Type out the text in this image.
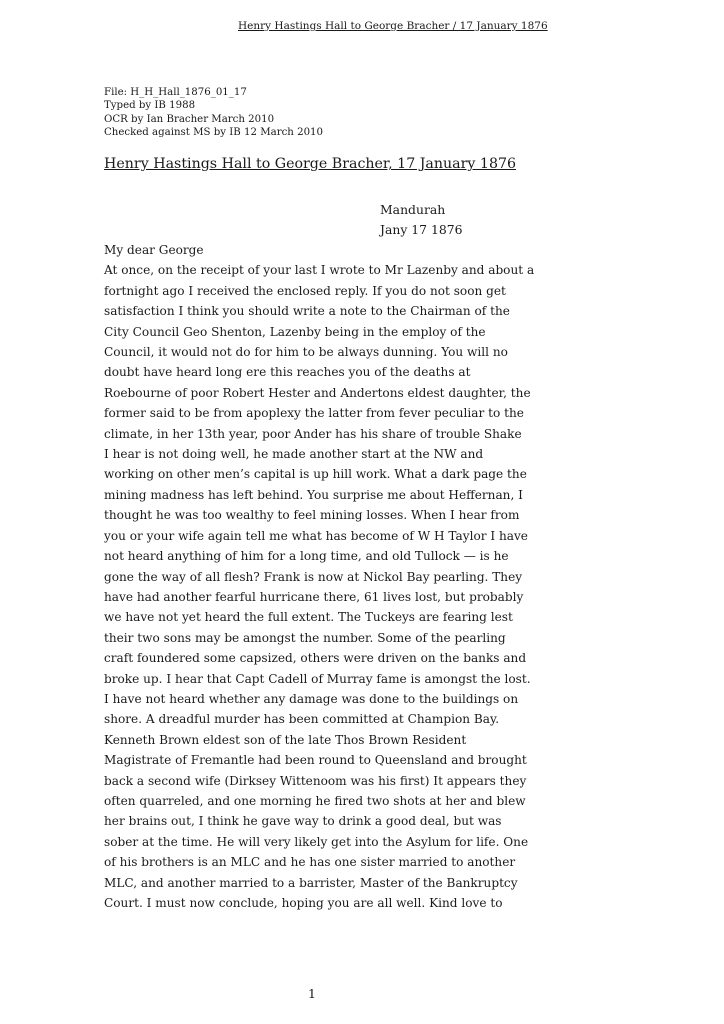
Henry Hastings Hall to George Bracher / 17 January 1876
File: H_H_Hall_1876_01_17
Typed by IB 1988
OCR by Ian Bracher March 2010
Checked against MS by IB 12 March 2010
Henry Hastings Hall to George Bracher, 17 January 1876
Mandurah
Jany 17 1876
My dear George
At once, on the receipt of your last I wrote to Mr Lazenby and about a
fortnight ago I received the enclosed reply. If you do not soon get
satisfaction I think you should write a note to the Chairman of the
City Council Geo Shenton, Lazenby being in the employ of the
Council, it would not do for him to be always dunning. You will no
doubt have heard long ere this reaches you of the deaths at
Roebourne of poor Robert Hester and Andertons eldest daughter, the
former said to be from apoplexy the latter from fever peculiar to the
climate, in her 13th year, poor Ander has his share of trouble Shake
I hear is not doing well, he made another start at the NW and
working on other men’s capital is up hill work. What a dark page the
mining madness has left behind. You surprise me about Heffernan, I
thought he was too wealthy to feel mining losses. When I hear from
you or your wife again tell me what has become of W H Taylor I have
not heard anything of him for a long time, and old Tullock — is he
gone the way of all flesh? Frank is now at Nickol Bay pearling. They
have had another fearful hurricane there, 61 lives lost, but probably
we have not yet heard the full extent. The Tuckeys are fearing lest
their two sons may be amongst the number. Some of the pearling
craft foundered some capsized, others were driven on the banks and
broke up. I hear that Capt Cadell of Murray fame is amongst the lost.
I have not heard whether any damage was done to the buildings on
shore. A dreadful murder has been committed at Champion Bay.
Kenneth Brown eldest son of the late Thos Brown Resident
Magistrate of Fremantle had been round to Queensland and brought
back a second wife (Dirksey Wittenoom was his first) It appears they
often quarreled, and one morning he fired two shots at her and blew
her brains out, I think he gave way to drink a good deal, but was
sober at the time. He will very likely get into the Asylum for life. One
of his brothers is an MLC and he has one sister married to another
MLC, and another married to a barrister, Master of the Bankruptcy
Court. I must now conclude, hoping you are all well. Kind love to
1
